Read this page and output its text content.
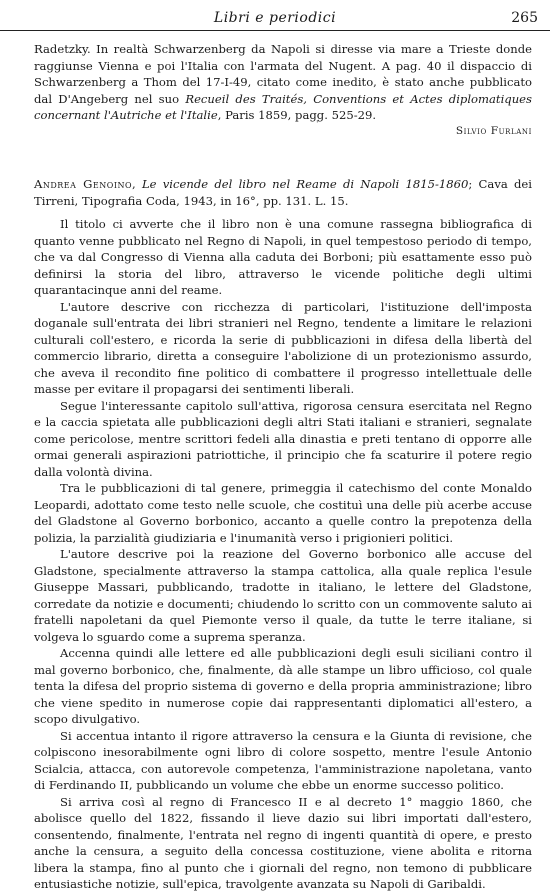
Libri e periodici	265

Radetzky. In realtà Schwarzenberg da Napoli si diresse via mare a Trieste donde raggiunse Vienna e poi l'Italia con l'armata del Nugent. A pag. 40 il dispaccio di Schwarzenberg a Thom del 17-I-49, citato come inedito, è stato anche pubblicato dal D'Angeberg nel suo Recueil des Traités, Conventions et Actes diplomatiques concernant l'Autriche et l'Italie, Paris 1859, pagg. 525-29.

Silvio Furlani
'

Andrea Genoino, Le vicende del libro nel Reame di Napoli 1815-1860; Cava dei Tirreni, Tipografia Coda, 1943, in 16°, pp. 131. L. 15.

Il titolo ci avverte che il libro non è una comune rassegna bibliografica di quanto venne pubblicato nel Regno di Napoli, in quel tempestoso periodo di tempo, che va dal Congresso di Vienna alla caduta dei Borboni; più esattamente esso può definirsi la storia del libro, attraverso le vicende politiche degli ultimi quarantacinque anni del reame.

L'autore descrive con ricchezza di particolari, l'istituzione dell'imposta doganale sull'entrata dei libri stranieri nel Regno, tendente a limitare le relazioni culturali coll'estero, e ricorda la serie di pubblicazioni in difesa della libertà del commercio librario, diretta a conseguire l'abolizione di un protezionismo assurdo, che aveva il recondito fine politico di combattere il progresso intellettuale delle masse per evitare il propagarsi dei sentimenti liberali.

Segue l'interessante capitolo sull'attiva, rigorosa censura esercitata nel Regno e la caccia spietata alle pubblicazioni degli altri Stati italiani e stranieri, segnalate come pericolose, mentre scrittori fedeli alla dinastia e preti tentano di opporre alle ormai generali aspirazioni patriottiche, il principio che fa scaturire il potere regio dalla volontà divina.

Tra le pubblicazioni di tal genere, primeggia il catechismo del conte Monaldo Leopardi, adottato come testo nelle scuole, che costituì una delle più acerbe accuse del Gladstone al Governo borbonico, accanto a quelle contro la prepotenza della polizia, la parzialità giudiziaria e l'inumanità verso i prigionieri politici.

L'autore descrive poi la reazione del Governo borbonico alle accuse del Gladstone, specialmente attraverso la stampa cattolica, alla quale replica l'esule Giuseppe Massari, pubblicando, tradotte in italiano, le lettere del Gladstone, corredate da notizie e documenti; chiudendo lo scritto con un commovente saluto ai fratelli napoletani da quel Piemonte verso il quale, da tutte le terre italiane, si volgeva lo sguardo come a suprema speranza.

Accenna quindi alle lettere ed alle pubblicazioni degli esuli siciliani contro il mal governo borbonico, che, finalmente, dà alle stampe un libro ufficioso, col quale tenta la difesa del proprio sistema di governo e della propria amministrazione; libro che viene spedito in numerose copie dai rappresentanti diplomatici all'estero, a scopo divulgativo.

Si accentua intanto il rigore attraverso la censura e la Giunta di revisione, che colpiscono inesorabilmente ogni libro di colore sospetto, mentre l'esule Antonio Scialcia, attacca, con autorevole competenza, l'amministrazione napoletana, vanto di Ferdinando II, pubblicando un volume che ebbe un enorme successo politico.

Si arriva così al regno di Francesco II e al decreto 1° maggio 1860, che abolisce quello del 1822, fissando il lieve dazio sui libri importati dall'estero, consentendo, finalmente, l'entrata nel regno di ingenti quantità di opere, e presto anche la censura, a seguito della concessa costituzione, viene abolita e ritorna libera la stampa, fino al punto che i giornali del regno, non temono di pubblicare entusiastiche notizie, sull'epica, travolgente avanzata su Napoli di Garibaldi.
